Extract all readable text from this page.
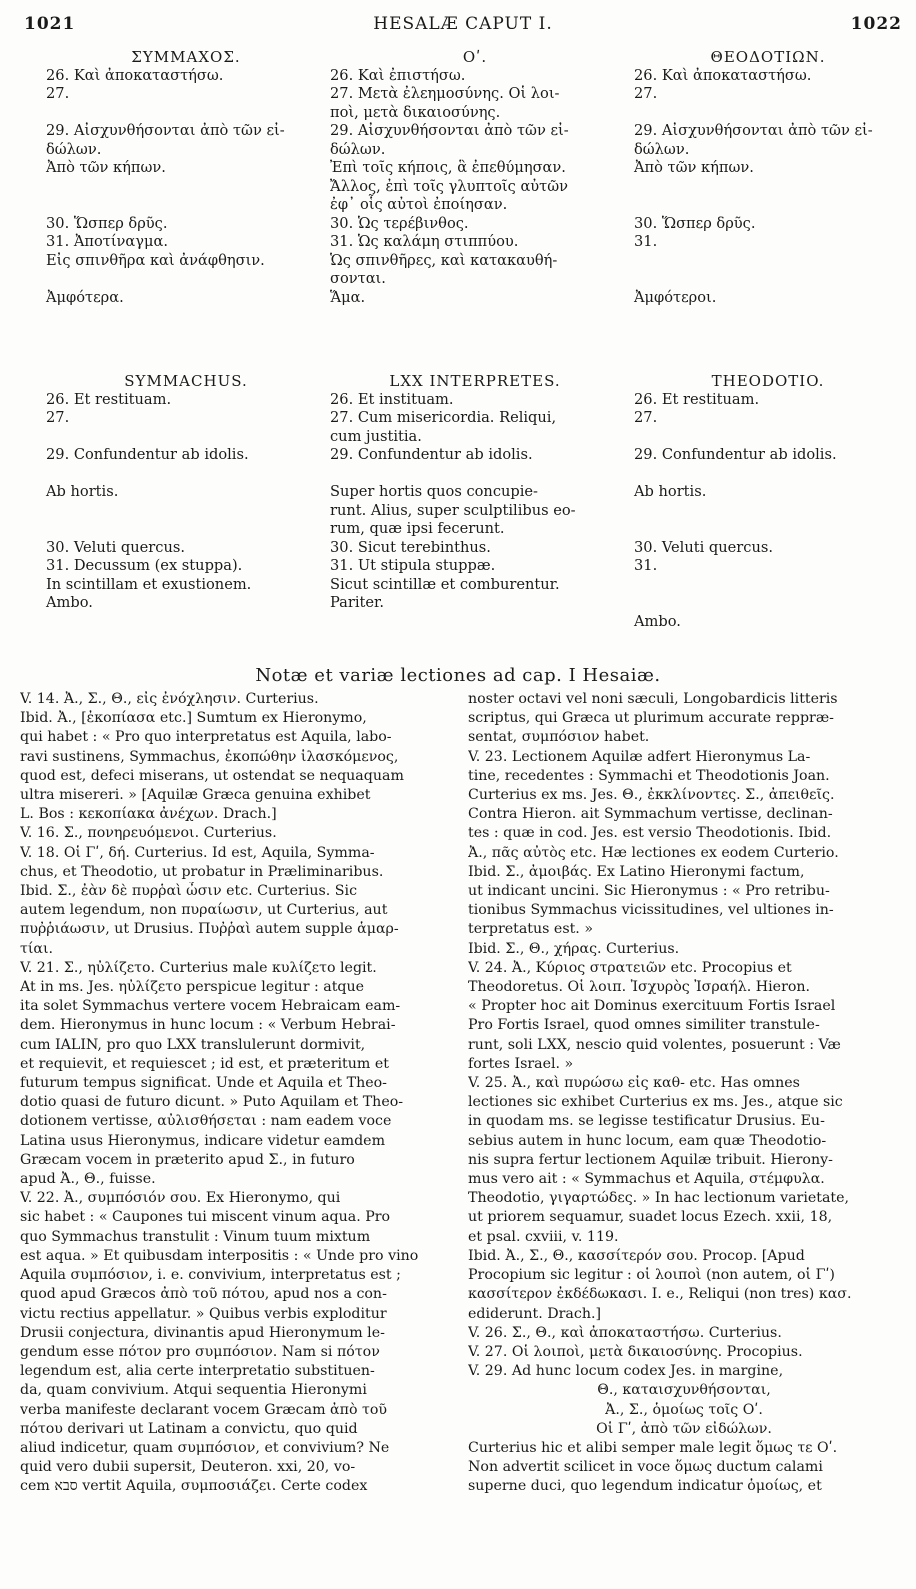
1021	HESALÆ CAPUT I.	1022
ΣΥΜΜΑΧΟΣ.
26. Καὶ ἀποκαταστήσω.
27.

29. Αἰσχυνθήσονται ἀπὸ τῶν εἰ-
δώλων.
Ἀπὸ τῶν κήπων.

30. Ὥσπερ δρῦς.
31. Ἀποτίναγμα.
Εἰς σπινθῆρα καὶ ἀνάφθησιν.

Ἀμφότερα.
Οʹ.
26. Καὶ ἐπιστήσω.
27. Μετὰ ἐλεημοσύνης. Οἱ λοι-
ποὶ, μετὰ δικαιοσύνης.
29. Αἰσχυνθήσονται ἀπὸ τῶν εἰ-
δώλων.
Ἐπὶ τοῖς κήποις, ἃ ἐπεθύμησαν.
Ἄλλος, ἐπὶ τοῖς γλυπτοῖς αὐτῶν
ἐφ᾽ οἷς αὐτοὶ ἐποίησαν.
30. Ὡς τερέβινθος.
31. Ὡς καλάμη στιππύου.
Ὡς σπινθῆρες, καὶ κατακαυθή-
σονται.
Ἅμα.
ΘΕΟΔΟΤΙΩΝ.
26. Καὶ ἀποκαταστήσω.
27.

29. Αἰσχυνθήσονται ἀπὸ τῶν εἰ-
δώλων.
Ἀπὸ τῶν κήπων.

30. Ὥσπερ δρῦς.
31.

Ἀμφότεροι.
SYMMACHUS.
26. Et restituam.
27.

29. Confundentur ab idolis.

Ab hortis.

30. Veluti quercus.
31. Decussum (ex stuppa).
In scintillam et exustionem.
Ambo.
LXX INTERPRETES.
26. Et instituam.
27. Cum misericordia. Reliqui,
cum justitia.
29. Confundentur ab idolis.

Super hortis quos concupie-
runt. Alius, super sculptilibus eo-
rum, quæ ipsi fecerunt.
30. Sicut terebinthus.
31. Ut stipula stuppæ.
Sicut scintillæ et comburentur.
Pariter.
THEODOTIO.
26. Et restituam.
27.

29. Confundentur ab idolis.

Ab hortis.

30. Veluti quercus.
31.

Ambo.
Notæ et variæ lectiones ad cap. I Hesaiæ.

V. 14. Ἀ., Σ., Θ., εἰς ἐνόχλησιν. Curterius.

Ibid. Ἀ., [ἐκοπίασα etc.] Sumtum ex Hieronymo,

qui habet : « Pro quo interpretatus est Aquila, labo-

ravi sustinens, Symmachus, ἐκοπώθην ἱλασκόμενος,

quod est, defeci miserans, ut ostendat se nequaquam

ultra misereri. » [Aquilæ Græca genuina exhibet

L. Bos : κεκοπίακα ἀνέχων. Drach.]

V. 16. Σ., πονηρευόμενοι. Curterius.

V. 18. Οἱ Γʹ, δή. Curterius. Id est, Aquila, Symma-

chus, et Theodotio, ut probatur in Præliminaribus.

Ibid. Σ., ἐὰν δὲ πυρῥαὶ ὦσιν etc. Curterius. Sic

autem legendum, non πυραίωσιν, ut Curterius, aut

πυῤῥιάωσιν, ut Drusius. Πυῤῥαὶ autem supple ἁμαρ-

τίαι.

V. 21. Σ., ηὐλίζετο. Curterius male κυλίζετο legit.

At in ms. Jes. ηὐλίζετο perspicue legitur : atque

ita solet Symmachus vertere vocem Hebraicam eam-

dem. Hieronymus in hunc locum : « Verbum Hebrai-

cum IALIN, pro quo LXX translulerunt dormivit,

et requievit, et requiescet ; id est, et præteritum et

futurum tempus significat. Unde et Aquila et Theo-

dotio quasi de futuro dicunt. » Puto Aquilam et Theo-

dotionem vertisse, αὐλισθήσεται : nam eadem voce

Latina usus Hieronymus, indicare videtur eamdem

Græcam vocem in præterito apud Σ., in futuro

apud Ἀ., Θ., fuisse.

V. 22. Ἀ., συμπόσιόν σου. Ex Hieronymo, qui

sic habet : « Caupones tui miscent vinum aqua. Pro

quo Symmachus transtulit : Vinum tuum mixtum

est aqua. » Et quibusdam interpositis : « Unde pro vino

Aquila συμπόσιον, i. e. convivium, interpretatus est ;

quod apud Græcos ἀπὸ τοῦ πότου, apud nos a con-

victu rectius appellatur. » Quibus verbis exploditur

Drusii conjectura, divinantis apud Hieronymum le-

gendum esse πότον pro συμπόσιον. Nam si πότον

legendum est, alia certe interpretatio substituen-

da, quam convivium. Atqui sequentia Hieronymi

verba manifeste declarant vocem Græcam ἀπὸ τοῦ

πότου derivari ut Latinam a convictu, quo quid

aliud indicetur, quam συμπόσιον, et convivium? Ne

quid vero dubii supersit, Deuteron. xxi, 20, vo-

cem סבא vertit Aquila, συμποσιάζει. Certe codex

noster octavi vel noni sæculi, Longobardicis litteris

scriptus, qui Græca ut plurimum accurate reppræ-

sentat, συμπόσιον habet.

V. 23. Lectionem Aquilæ adfert Hieronymus La-

tine, recedentes : Symmachi et Theodotionis Joan.

Curterius ex ms. Jes. Θ., ἐκκλίνοντες. Σ., ἀπειθεῖς.

Contra Hieron. ait Symmachum vertisse, declinan-

tes : quæ in cod. Jes. est versio Theodotionis. Ibid.

Ἀ., πᾶς αὐτὸς etc. Hæ lectiones ex eodem Curterio.

Ibid. Σ., ἀμοιβάς. Ex Latino Hieronymi factum,

ut indicant uncini. Sic Hieronymus : « Pro retribu-

tionibus Symmachus vicissitudines, vel ultiones in-

terpretatus est. »

Ibid. Σ., Θ., χήρας. Curterius.

V. 24. Ἀ., Κύριος στρατειῶν etc. Procopius et

Theodoretus. Οἱ λοιπ. Ἰσχυρὸς Ἰσραήλ. Hieron.

« Propter hoc ait Dominus exercituum Fortis Israel

Pro Fortis Israel, quod omnes similiter transtule-

runt, soli LXX, nescio quid volentes, posuerunt : Væ

fortes Israel. »

V. 25. Ἀ., καὶ πυρώσω εἰς καθ- etc. Has omnes

lectiones sic exhibet Curterius ex ms. Jes., atque sic

in quodam ms. se legisse testificatur Drusius. Eu-

sebius autem in hunc locum, eam quæ Theodotio-

nis supra fertur lectionem Aquilæ tribuit. Hierony-

mus vero ait : « Symmachus et Aquila, στέμφυλα.

Theodotio, γιγαρτώδες. » In hac lectionum varietate,

ut priorem sequamur, suadet locus Ezech. xxii, 18,

et psal. cxviii, v. 119.

Ibid. Ἀ., Σ., Θ., κασσίτερόν σου. Procop. [Apud

Procopium sic legitur : οἱ λοιποὶ (non autem, οἱ Γʹ)

κασσίτερον ἐκδέδωκασι. I. e., Reliqui (non tres) κασ.

ediderunt. Drach.]

V. 26. Σ., Θ., καὶ ἀποκαταστήσω. Curterius.

V. 27. Οἱ λοιποὶ, μετὰ δικαιοσύνης. Procopius.

V. 29. Ad hunc locum codex Jes. in margine,

Θ., καταισχυνθήσονται,

Ἀ., Σ., ὁμοίως τοῖς Οʹ.

Οἱ Γʹ, ἀπὸ τῶν εἰδώλων.

Curterius hic et alibi semper male legit ὅμως τε Οʹ.

Non advertit scilicet in voce ὅμως ductum calami

superne duci, quo legendum indicatur ὁμοίως, et
